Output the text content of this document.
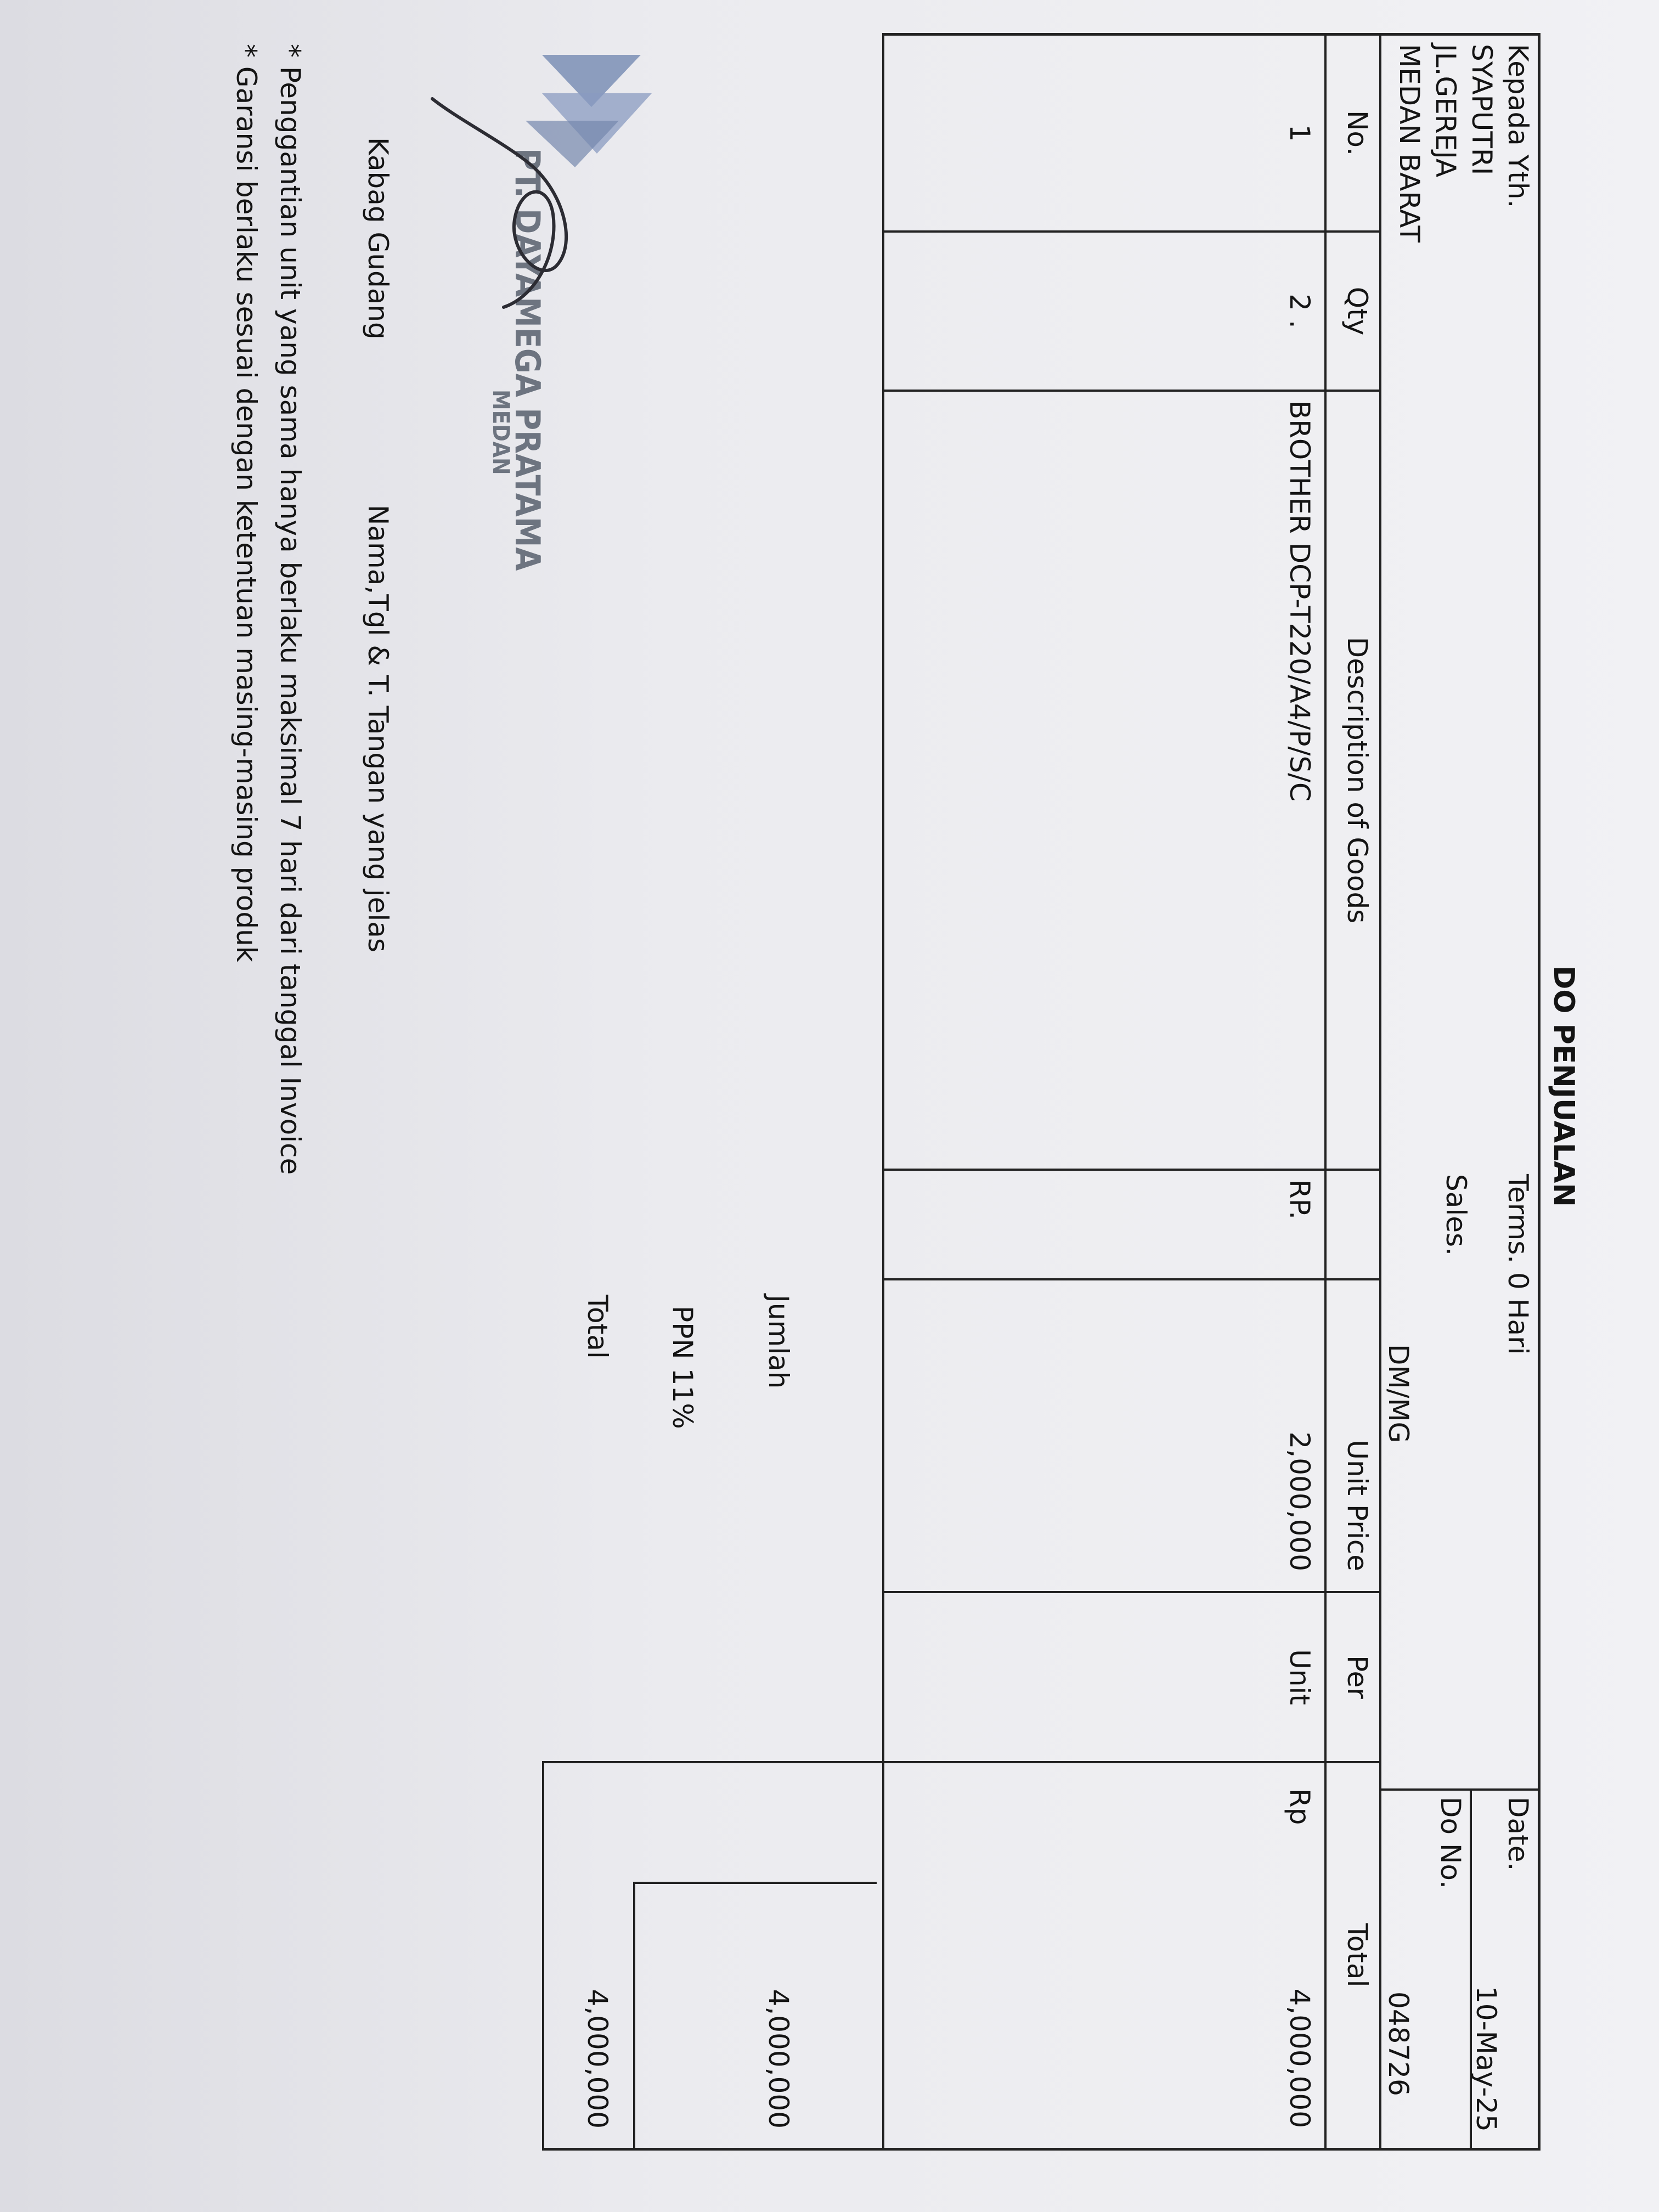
DO PENJUALAN
Kepada Yth.
SYAPUTRI
JL.GEREJA
MEDAN BARAT
Terms. 0 Hari
Sales.
DM/MG
Date.
10-May-25
Do No.
048726
No.
Qty
Description of Goods
Unit Price
Per
Total
1
2 .
BROTHER DCP-T220/A4/P/S/C
RP.
2,000,000
Unit
Rp
4,000,000
Jumlah
4,000,000
PPN 11%
Total
4,000,000
PT. DAYAMEGA PRATAMA
MEDAN
Kabag Gudang
Nama,Tgl & T. Tangan yang jelas
* Penggantian unit yang sama hanya berlaku maksimal 7 hari dari tanggal Invoice
* Garansi berlaku sesuai dengan ketentuan masing-masing produk
